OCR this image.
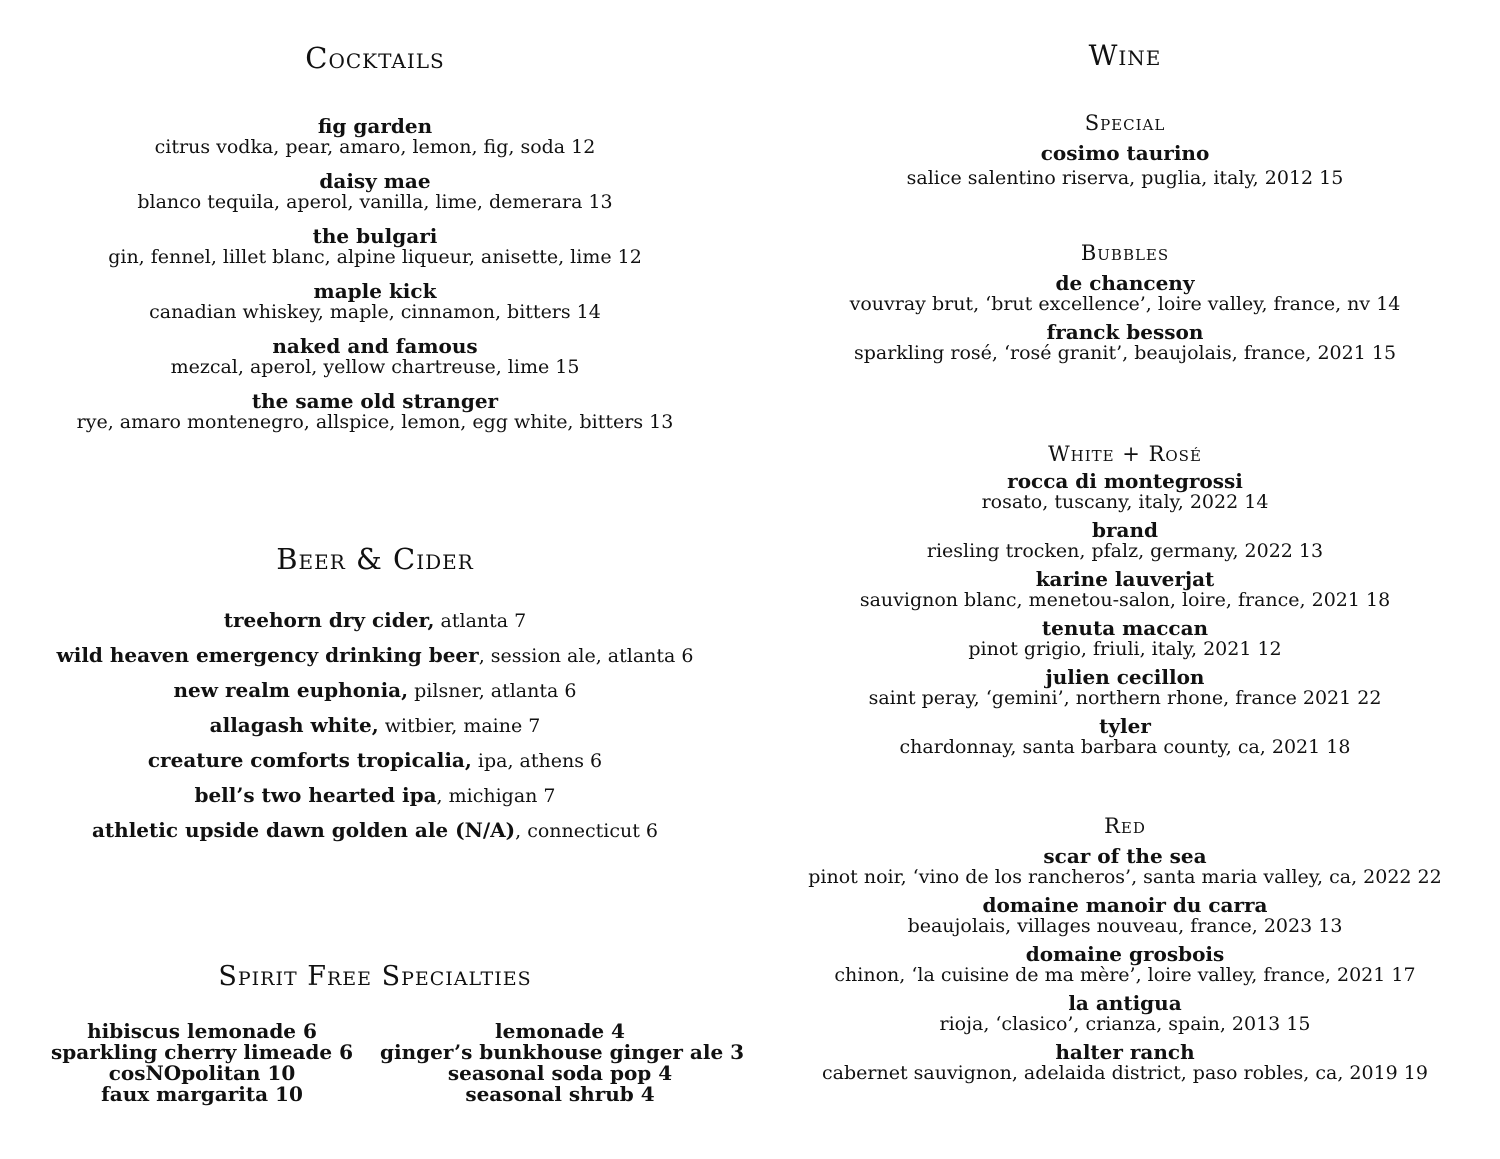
Cocktails
fig garden
citrus vodka, pear, amaro, lemon, fig, soda 12
daisy mae
blanco tequila, aperol, vanilla, lime, demerara 13
the bulgari
gin, fennel, lillet blanc, alpine liqueur, anisette, lime 12
maple kick
canadian whiskey, maple, cinnamon, bitters 14
naked and famous
mezcal, aperol, yellow chartreuse, lime 15
the same old stranger
rye, amaro montenegro, allspice, lemon, egg white, bitters 13
Beer & Cider
treehorn dry cider, atlanta 7
wild heaven emergency drinking beer, session ale, atlanta 6
new realm euphonia, pilsner, atlanta 6
allagash white, witbier, maine 7
creature comforts tropicalia, ipa, athens 6
bell’s two hearted ipa, michigan 7
athletic upside dawn golden ale (N/A), connecticut 6
Spirit Free Specialties
hibiscus lemonade 6
sparkling cherry limeade 6
cosNOpolitan 10
faux margarita 10
lemonade 4
ginger’s bunkhouse ginger ale 3
seasonal soda pop 4
seasonal shrub 4
Wine
Special
cosimo taurino
salice salentino riserva, puglia, italy, 2012 15
Bubbles
de chanceny
vouvray brut, ‘brut excellence’, loire valley, france, nv 14
franck besson
sparkling rosé, ‘rosé granit’, beaujolais, france, 2021 15
White + Rosé
rocca di montegrossi
rosato, tuscany, italy, 2022 14
brand
riesling trocken, pfalz, germany, 2022 13
karine lauverjat
sauvignon blanc, menetou-salon, loire, france, 2021 18
tenuta maccan
pinot grigio, friuli, italy, 2021 12
julien cecillon
saint peray, ‘gemini’, northern rhone, france 2021 22
tyler
chardonnay, santa barbara county, ca, 2021 18
Red
scar of the sea
pinot noir, ‘vino de los rancheros’, santa maria valley, ca, 2022 22
domaine manoir du carra
beaujolais, villages nouveau, france, 2023 13
domaine grosbois
chinon, ‘la cuisine de ma mère’, loire valley, france, 2021 17
la antigua
rioja, ‘clasico’, crianza, spain, 2013 15
halter ranch
cabernet sauvignon, adelaida district, paso robles, ca, 2019 19
